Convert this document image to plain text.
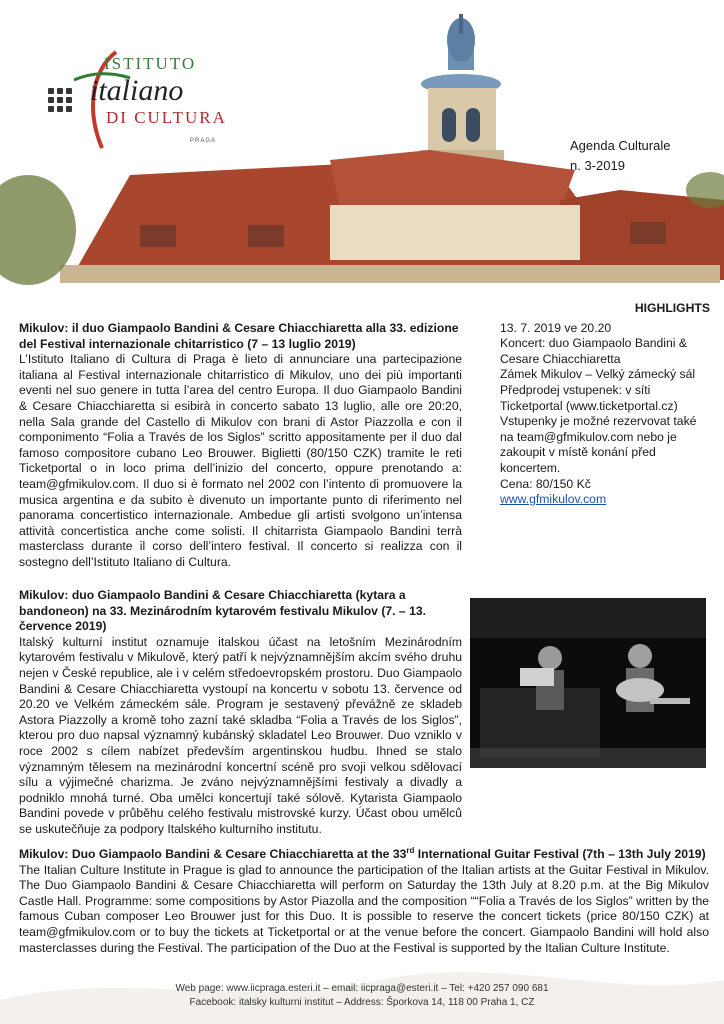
ISTITUTO
italiano
DI CULTURA
PRAGA	Agenda Culturale
n. 3-2019
HIGHLIGHTS
13. 7. 2019 ve 20.20
Koncert: duo Giampaolo Bandini & Cesare Chiacchiaretta
Zámek Mikulov – Velký zámecký sál
Předprodej vstupenek: v síti Ticketportal (www.ticketportal.cz)
Vstupenky je možné rezervovat také na team@gfmikulov.com nebo je zakoupit v místě konání před koncertem.
Cena: 80/150 Kč
www.gfmikulov.com
Mikulov: il duo Giampaolo Bandini & Cesare Chiacchiaretta alla 33. edizione del Festival internazionale chitarristico (7 – 13 luglio 2019)
L’Istituto Italiano di Cultura di Praga è lieto di annunciare una partecipazione italiana al Festival internazionale chitarristico di Mikulov, uno dei più importanti eventi nel suo genere in tutta l’area del centro Europa. Il duo Giampaolo Bandini & Cesare Chiacchiaretta si esibirà in concerto sabato 13 luglio, alle ore 20:20, nella Sala grande del Castello di Mikulov con brani di Astor Piazzolla e con il componimento “Folia a Través de los Siglos” scritto appositamente per il duo dal famoso compositore cubano Leo Brouwer. Biglietti (80/150 CZK) tramite le reti Ticketportal o in loco prima dell’inizio del concerto, oppure prenotando a: team@gfmikulov.com. Il duo si è formato nel 2002 con l’intento di promuovere la musica argentina e da subito è divenuto un importante punto di riferimento nel panorama concertistico internazionale. Ambedue gli artisti svolgono un’intensa attività concertistica anche come solisti. Il chitarrista Giampaolo Bandini terrà masterclass durante il corso dell’intero festival. Il concerto si realizza con il sostegno dell’Istituto Italiano di Cultura.
Mikulov: duo Giampaolo Bandini & Cesare Chiacchiaretta (kytara a bandoneon) na 33. Mezinárodním kytarovém festivalu Mikulov (7. – 13. července 2019)
Italský kulturní institut oznamuje italskou účast na letošním Mezinárodním kytarovém festivalu v Mikulově, který patří k nejvýznamnějším akcím svého druhu nejen v České republice, ale i v celém středoevropském prostoru. Duo Giampaolo Bandini & Cesare Chiacchiaretta vystoupí na koncertu v sobotu 13. července od 20.20 ve Velkém zámeckém sále. Program je sestavený převážně ze skladeb Astora Piazzolly a kromě toho zazní také skladba “Folia a Través de los Siglos”, kterou pro duo napsal významný kubánský skladatel Leo Brouwer. Duo vzniklo v roce 2002 s cílem nabízet především argentinskou hudbu. Ihned se stalo významným tělesem na mezinárodní koncertní scéně pro svoji velkou sdělovací sílu a výjimečné charizma. Je zváno nejvýznamnějšími festivaly a divadly a podniklo mnohá turné. Oba umělci koncertují také sólově. Kytarista Giampaolo Bandini povede v průběhu celého festivalu mistrovské kurzy. Účast obou umělců se uskutečňuje za podpory Italského kulturního institutu.
Mikulov: Duo Giampaolo Bandini & Cesare Chiacchiaretta at the 33rd International Guitar Festival (7th – 13th July 2019)
The Italian Culture Institute in Prague is glad to announce the participation of the Italian artists at the Guitar Festival in Mikulov. The Duo Giampaolo Bandini & Cesare Chiacchiaretta will perform on Saturday the 13th July at 8.20 p.m. at the Big Mikulov Castle Hall. Programme: some compositions by Astor Piazolla and the composition ““Folia a Través de los Siglos” written by the famous Cuban composer Leo Brouwer just for this Duo. It is possible to reserve the concert tickets (price 80/150 CZK) at team@gfmikulov.com or to buy the tickets at Ticketportal or at the venue before the concert. Giampaolo Bandini will hold also masterclasses during the Festival. The participation of the Duo at the Festival is supported by the Italian Culture Institute.
Web page: www.iicpraga.esteri.it – email: iicpraga@esteri.it – Tel: +420 257 090 681
Facebook: italsky kulturni institut – Address: Šporkova 14, 118 00 Praha 1, CZ
